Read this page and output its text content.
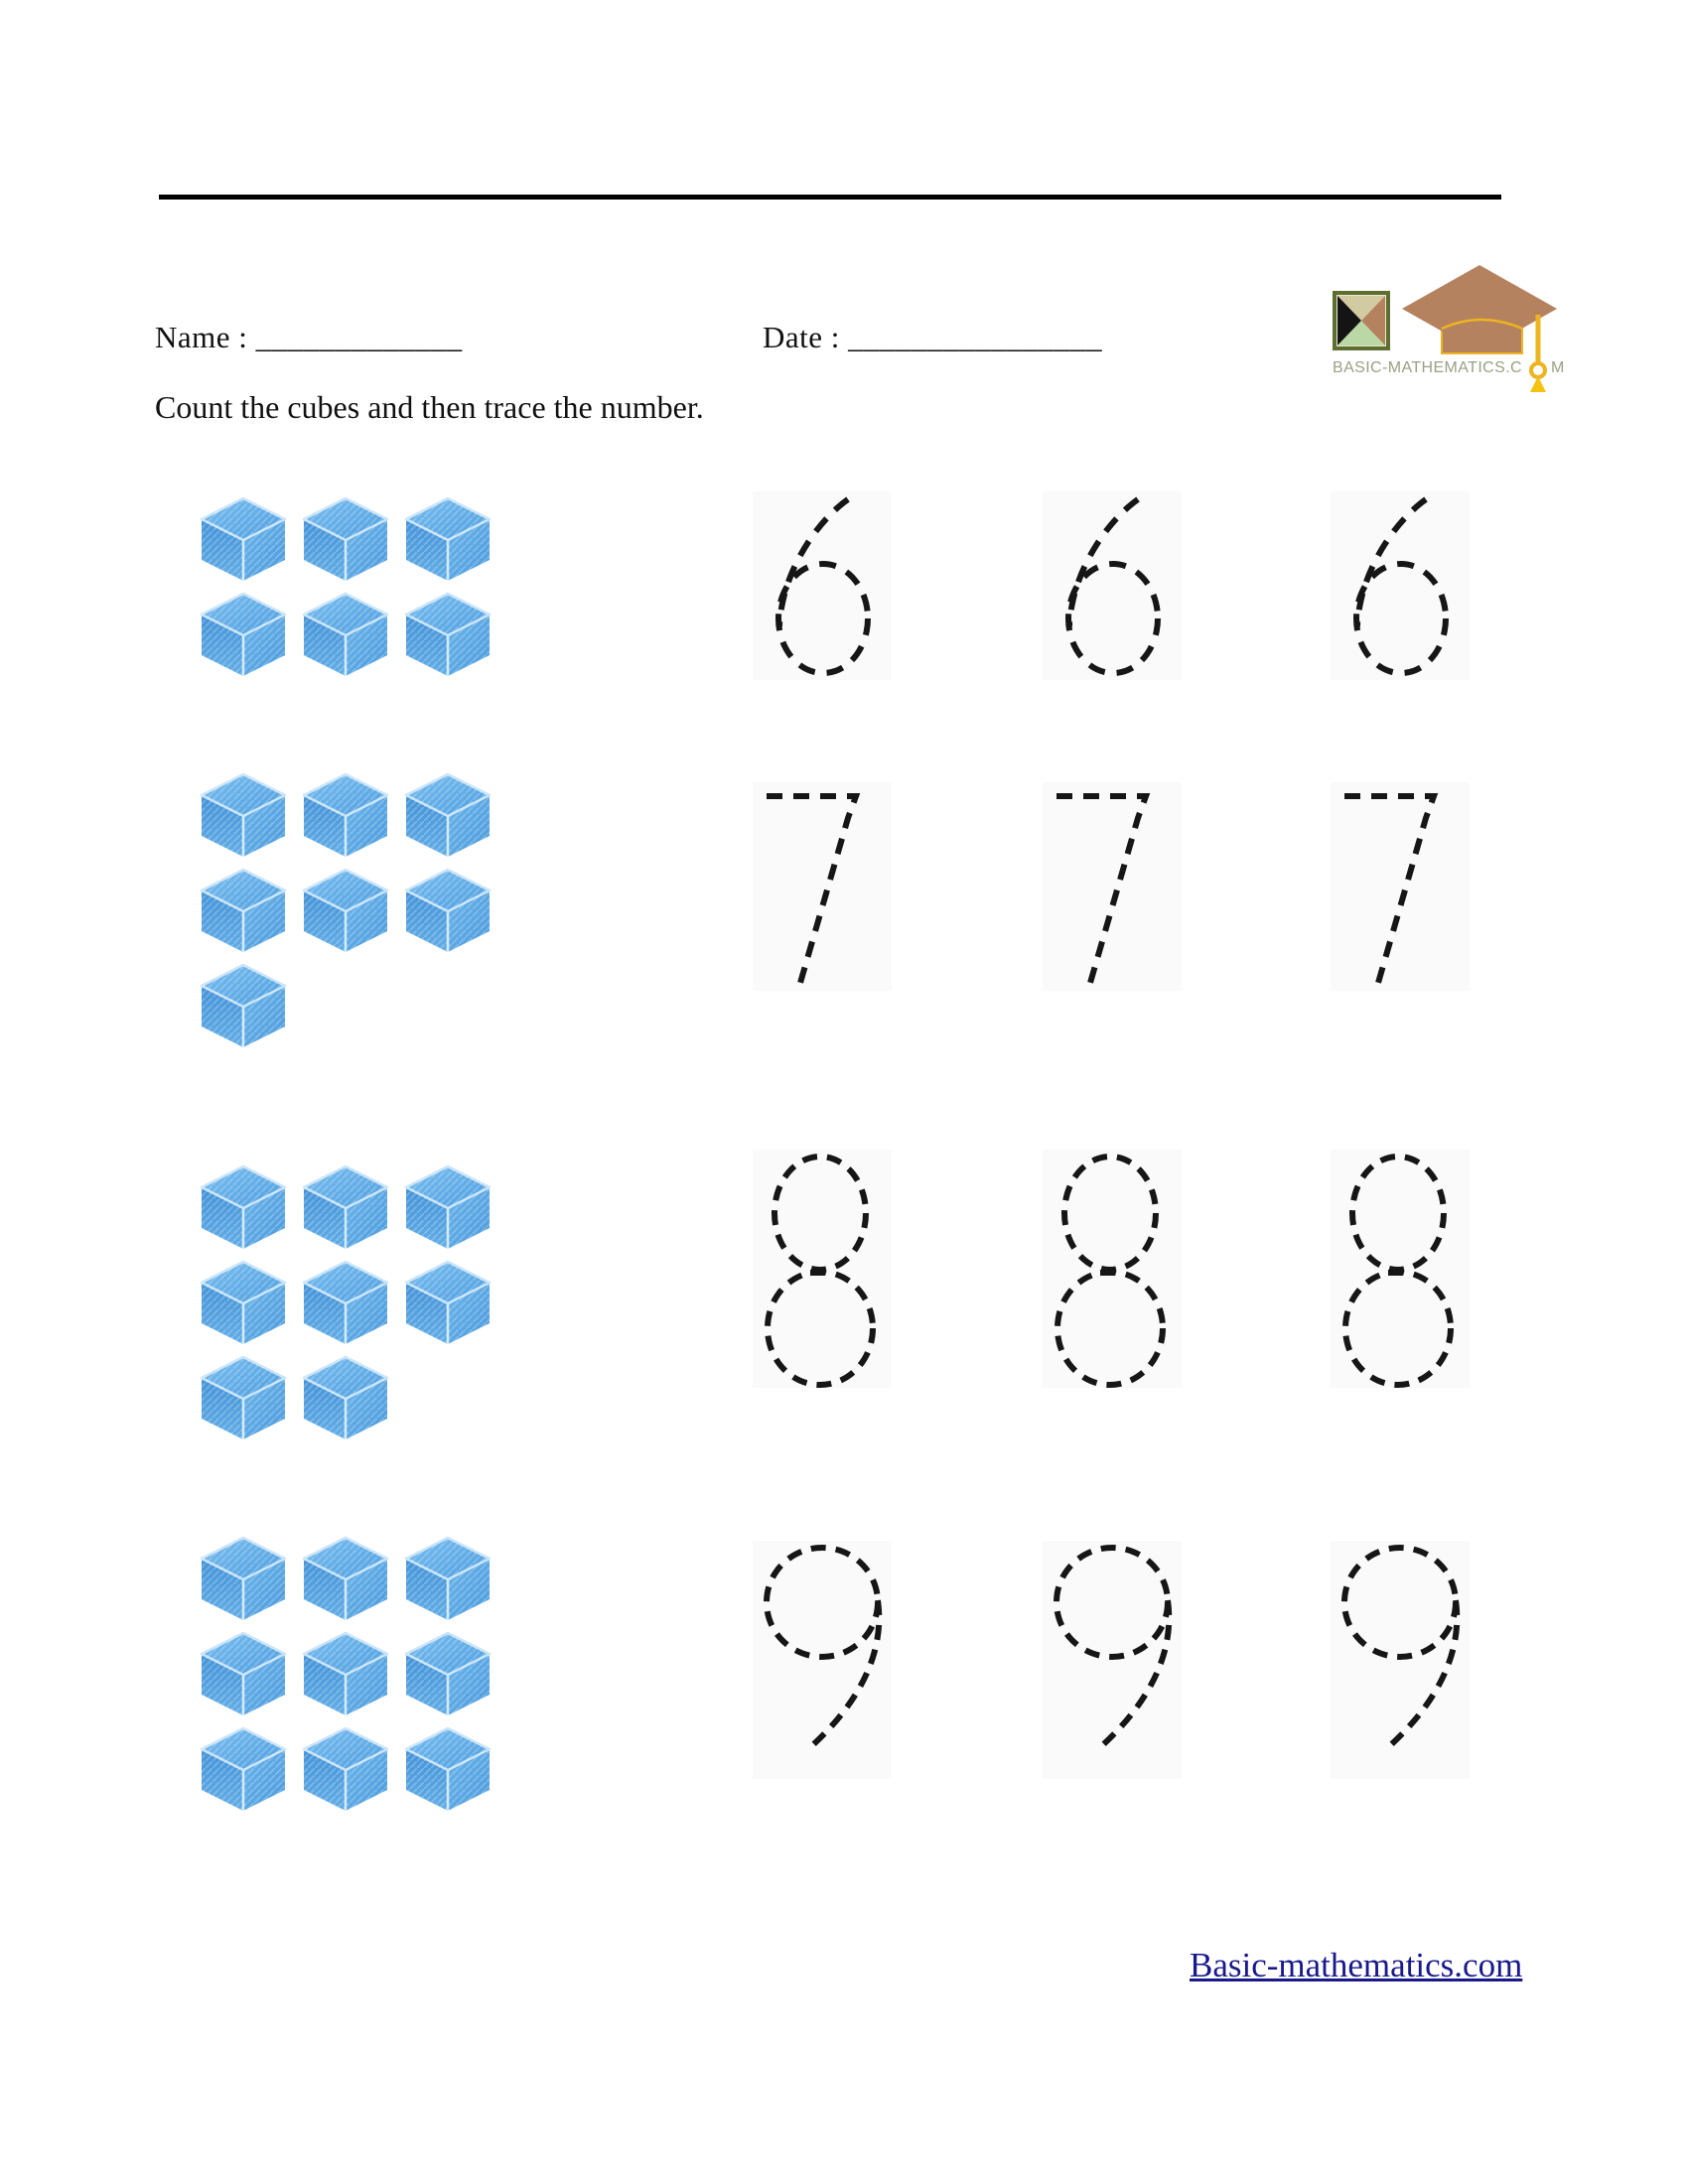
Name : _____________	Date : ________________
BASIC-MATHEMATICS.C M
Count the cubes and then trace the number.
Basic-mathematics.com
